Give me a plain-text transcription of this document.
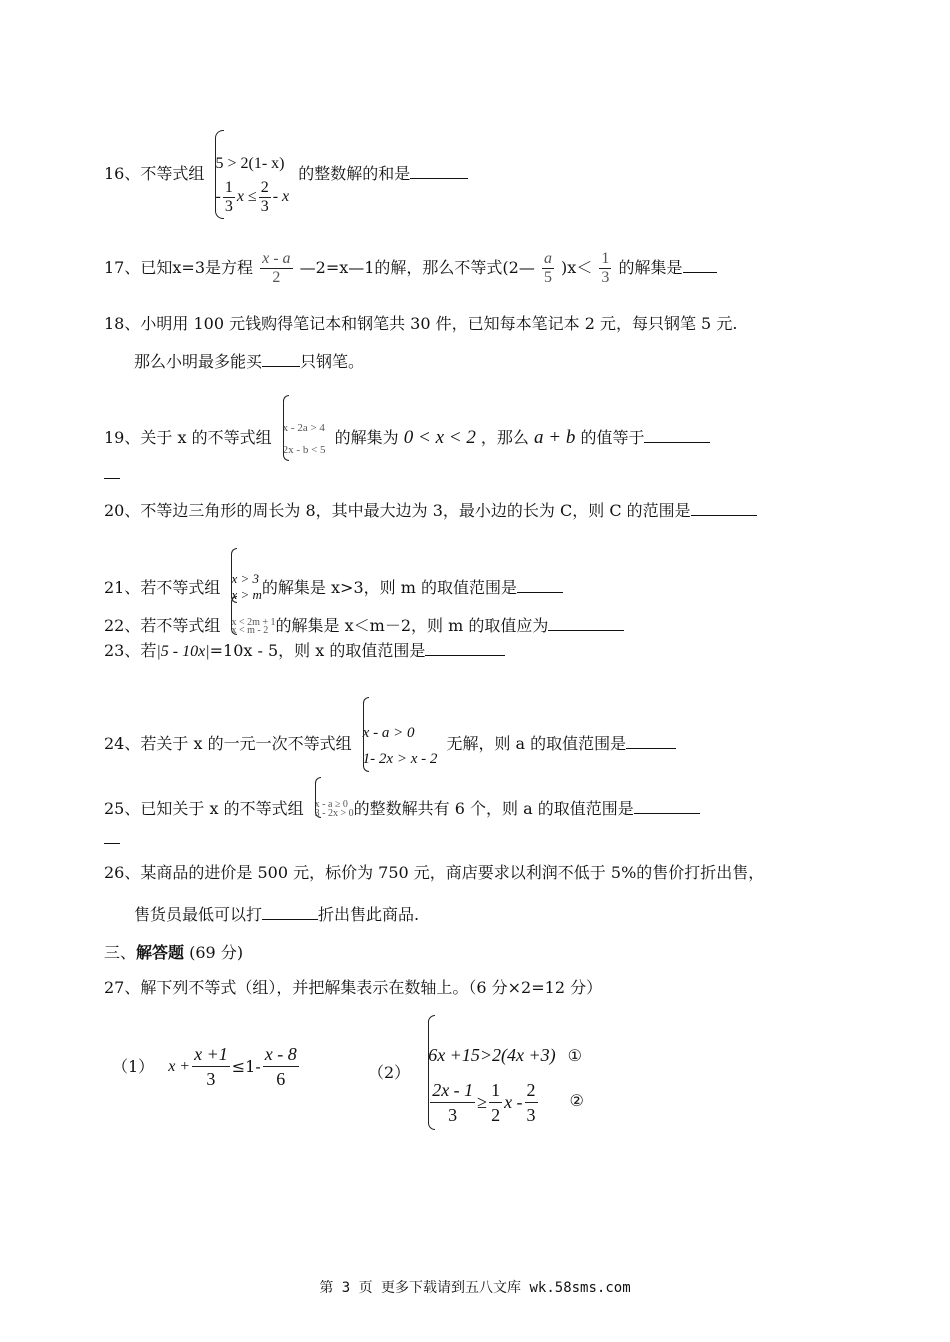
16、不等式组
5 > 2(1- x)
- $\frac{1}{3}$ $x \le \frac{2}{3} - x$
的整数解的和是
17、已知x=3是方程 $\frac{x - a}{2}$ —2=x—1的解，那么不等式(2— $\frac{a}{5} )x< \frac{1}{3}$ 的解集是
18、小明用 100 元钱购得笔记本和钢笔共 30 件，已知每本笔记本 2 元，每只钢笔 5 元.
那么小明最多能买 只钢笔。
19、关于 x 的不等式组 x - 2a > 4
2x - b < 5
的解集为 0 < x < 2 ，那么 a + b 的值等于
20、不等边三角形的周长为 8，其中最大边为 3，最小边的长为 C，则 C 的范围是
21、若不等式组 x > 3
x > m 的解集是 x>3，则 m 的取值范围是
22、若不等式组 x < 2m + 1
x < m - 2 的解集是 x＜m－2，则 m 的取值应为
23、若|5 - 10x|=10x - 5，则 x 的取值范围是
24、若关于 x 的一元一次不等式组
x - a > 0
1- 2x > x - 2
无解，则 a 的取值范围是
25、已知关于 x 的不等式组 x - a ≥ 0
3 - 2x > 0 的整数解共有 6 个，则 a 的取值范围是
26、某商品的进价是 500 元，标价为 750 元，商店要求以利润不低于 5%的售价打折出售，
售货员最低可以打	折出售此商品.
三、解答题 (69 分)
27、解下列不等式（组），并把解集表示在数轴上。（6 分×2=12 分）
（1） $x + \frac{x +1}{3} \le 1- \frac{x - 8}{6}$	（2）
6x +15>2(4x +3) ①
$\frac{2x - 1}{3} \ge \frac{1}{2}$ x - $\frac{2}{3}$ ②
第 3 页 更多下载请到五八文库 wk.58sms.com
